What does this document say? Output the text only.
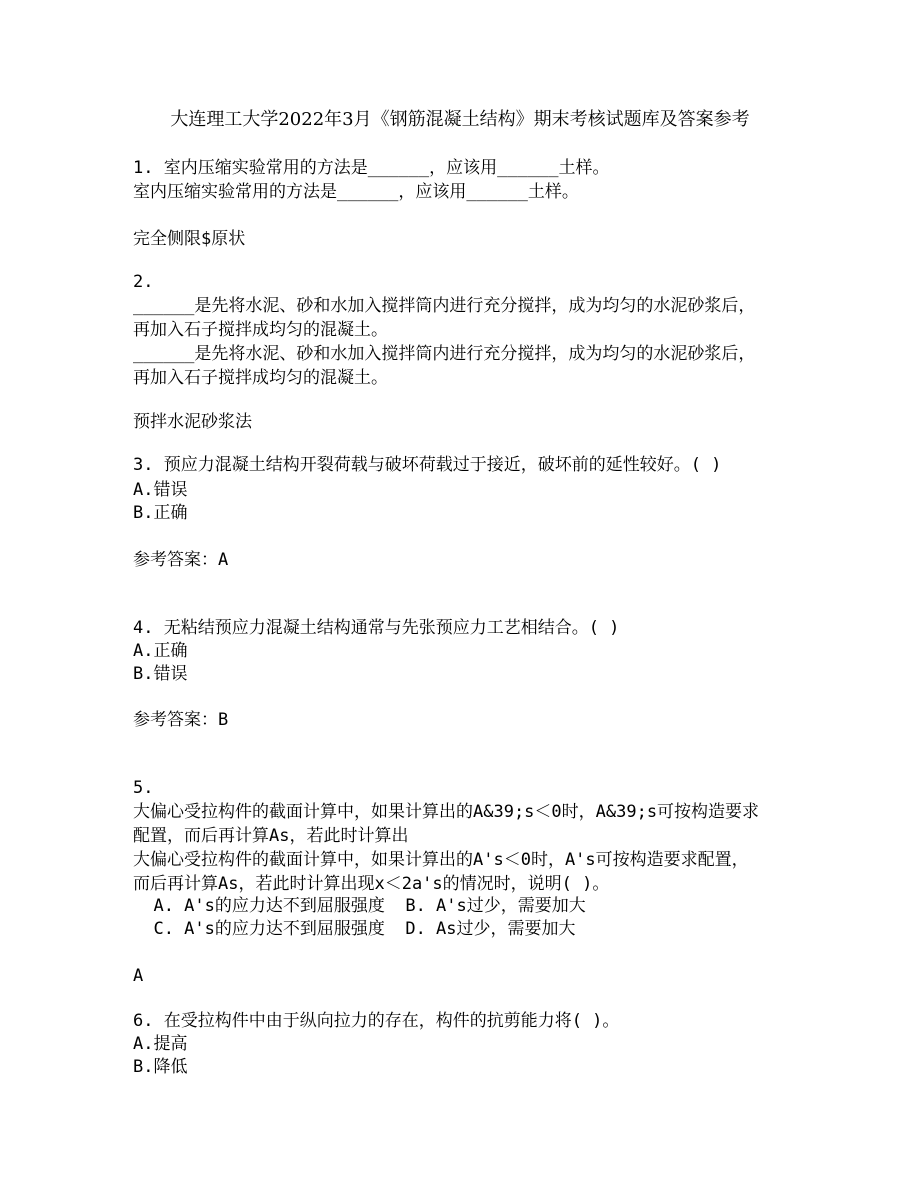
大连理工大学2022年3月《钢筋混凝土结构》期末考核试题库及答案参考
1. 室内压缩实验常用的方法是______，应该用______土样。
室内压缩实验常用的方法是______，应该用______土样。
完全侧限$原状
2.
______是先将水泥、砂和水加入搅拌筒内进行充分搅拌，成为均匀的水泥砂浆后，
再加入石子搅拌成均匀的混凝土。
______是先将水泥、砂和水加入搅拌筒内进行充分搅拌，成为均匀的水泥砂浆后，
再加入石子搅拌成均匀的混凝土。
预拌水泥砂浆法
3. 预应力混凝土结构开裂荷载与破坏荷载过于接近，破坏前的延性较好。( )
A.错误
B.正确
参考答案：A
4. 无粘结预应力混凝土结构通常与先张预应力工艺相结合。( )
A.正确
B.错误
参考答案：B
5.
大偏心受拉构件的截面计算中，如果计算出的A&39;s＜0时，A&39;s可按构造要求
配置，而后再计算As，若此时计算出
大偏心受拉构件的截面计算中，如果计算出的A's＜0时，A's可按构造要求配置，
而后再计算As，若此时计算出现x＜2a's的情况时，说明( )。
A. A's的应力达不到屈服强度  B. A's过少，需要加大
C. A's的应力达不到屈服强度  D. As过少，需要加大
A
6. 在受拉构件中由于纵向拉力的存在，构件的抗剪能力将( )。
A.提高
B.降低
